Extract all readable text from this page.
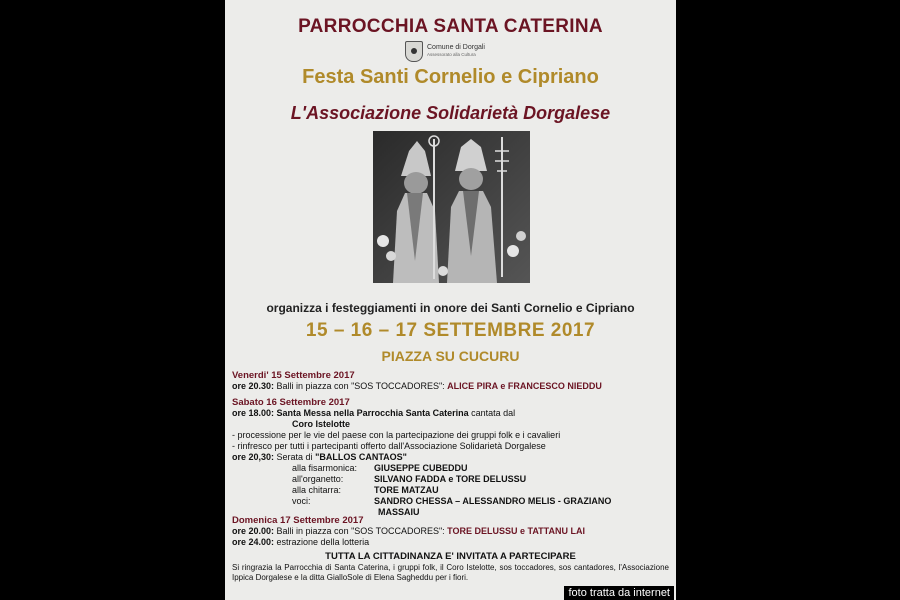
PARROCCHIA SANTA CATERINA
Comune di Dorgali
Assessorato alla Cultura
Festa Santi Cornelio e Cipriano
L'Associazione Solidarietà Dorgalese
organizza i festeggiamenti in onore dei Santi Cornelio e Cipriano
15 – 16 – 17 SETTEMBRE 2017
PIAZZA SU CUCURU
Venerdi' 15 Settembre 2017
ore 20.30: Balli in piazza con "SOS TOCCADORES": ALICE PIRA e FRANCESCO NIEDDU
Sabato 16 Settembre 2017
ore 18.00: Santa Messa nella Parrocchia Santa Caterina cantata dal
Coro Istelotte
- processione per le vie del paese con la partecipazione dei gruppi folk e i cavalieri
- rinfresco per tutti i partecipanti offerto dall'Associazione Solidarietà Dorgalese
ore 20,30: Serata di "BALLOS CANTAOS"
alla fisarmonica: GIUSEPPE CUBEDDU
all'organetto:	SILVANO FADDA e TORE DELUSSU
alla chitarra:	TORE MATZAU
voci:	SANDRO CHESSA – ALESSANDRO MELIS - GRAZIANO
MASSAIU
Domenica 17 Settembre 2017
ore 20.00: Balli in piazza con "SOS TOCCADORES": TORE DELUSSU e TATTANU LAI
ore 24.00: estrazione della lotteria
TUTTA LA CITTADINANZA E' INVITATA A PARTECIPARE
Si ringrazia la Parrocchia di Santa Caterina, i gruppi folk, il Coro Istelotte, sos toccadores, sos cantadores, l'Associazione Ippica Dorgalese e la ditta GialloSole di Elena Sagheddu per i fiori.
foto tratta da internet
